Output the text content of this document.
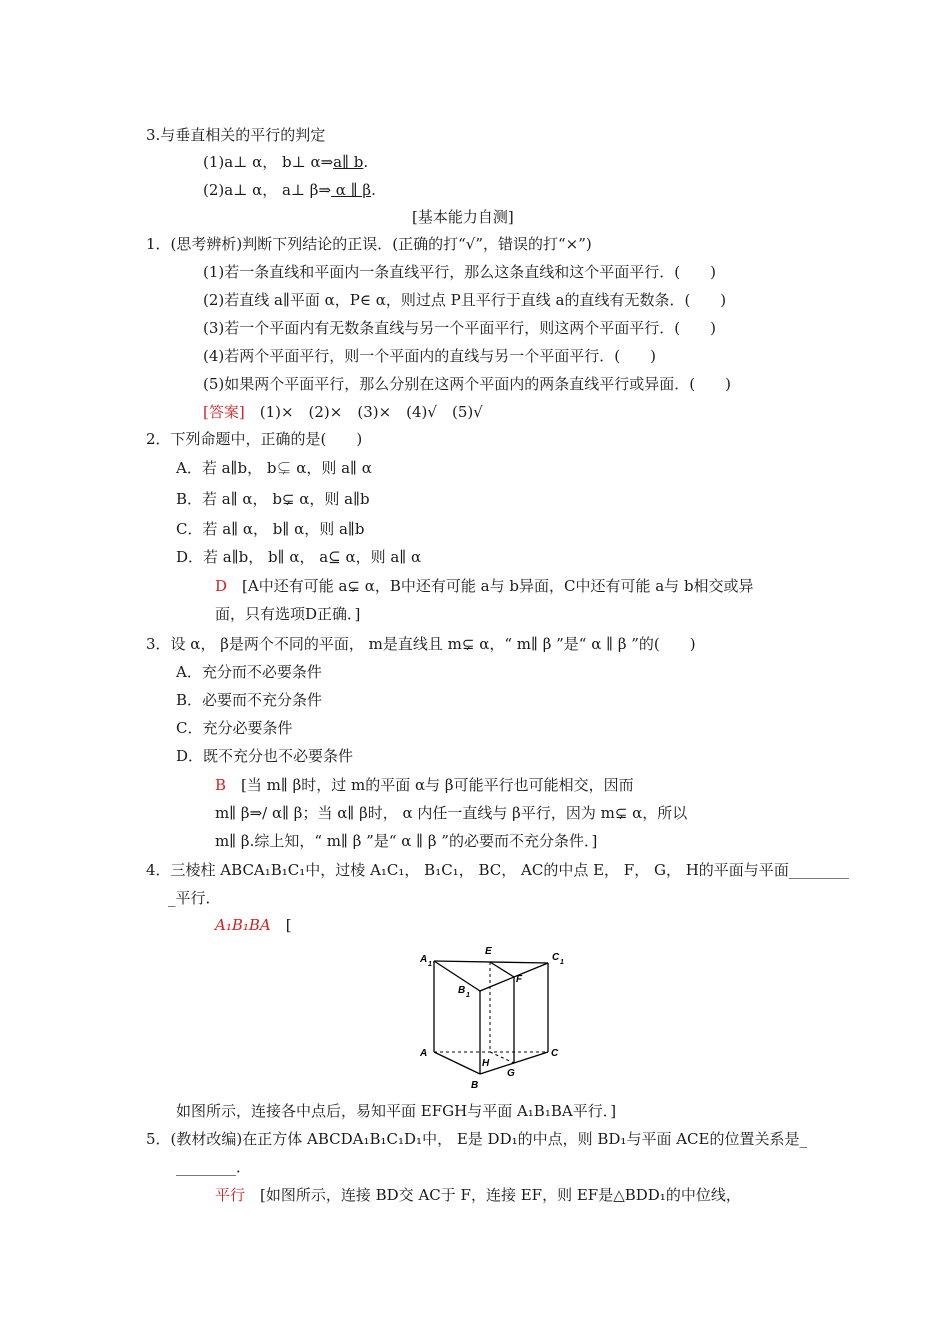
3.与垂直相关的平行的判定
(1)a⊥ α， b⊥ α⇒a∥ b.
(2)a⊥ α， a⊥ β⇒ α ∥ β.
[基本能力自测]
1．(思考辨析)判断下列结论的正误．(正确的打“√”，错误的打“×”)
(1)若一条直线和平面内一条直线平行，那么这条直线和这个平面平行．(　　)
(2)若直线 a∥平面 α，P∈ α，则过点 P且平行于直线 a的直线有无数条．(　　)
(3)若一个平面内有无数条直线与另一个平面平行，则这两个平面平行．(　　)
(4)若两个平面平行，则一个平面内的直线与另一个平面平行．(　　)
(5)如果两个平面平行，那么分别在这两个平面内的两条直线平行或异面．(　　)
[答案]　(1)×　(2)×　(3)×　(4)√　(5)√
2．下列命题中，正确的是(　　)
A．若 a∥b， b⊊ α，则 a∥ α
B．若 a∥ α， b⊊ α，则 a∥b
C．若 a∥ α， b∥ α，则 a∥b
D．若 a∥b， b∥ α， a⊆ α，则 a∥ α
D　[A中还有可能 a⊊ α，B中还有可能 a与 b异面，C中还有可能 a与 b相交或异
面，只有选项D正确．]
3．设 α， β是两个不同的平面， m是直线且 m⊊ α，“ m∥ β ”是“ α ∥ β ”的(　　)
A．充分而不必要条件
B．必要而不充分条件
C．充分必要条件
D．既不充分也不必要条件
B　[当 m∥ β时，过 m的平面 α与 β可能平行也可能相交，因而
m∥ β⇒/ α∥ β；当 α∥ β时， α 内任一直线与 β平行，因为 m⊊ α，所以
m∥ β.综上知，“ m∥ β ”是“ α ∥ β ”的必要而不充分条件．]
4．三棱柱 ABCA₁B₁C₁中，过棱 A₁C₁， B₁C₁， BC， AC的中点 E， F， G， H的平面与平面________
_平行．
A₁B₁BA　[
A 1
E
C 1
B 1
F
A
H
C
B
G
如图所示，连接各中点后，易知平面 EFGH与平面 A₁B₁BA平行．]
5．(教材改编)在正方体 ABCDA₁B₁C₁D₁中， E是 DD₁的中点，则 BD₁与平面 ACE的位置关系是_
________．
平行　[如图所示，连接 BD交 AC于 F，连接 EF，则 EF是△BDD₁的中位线，
